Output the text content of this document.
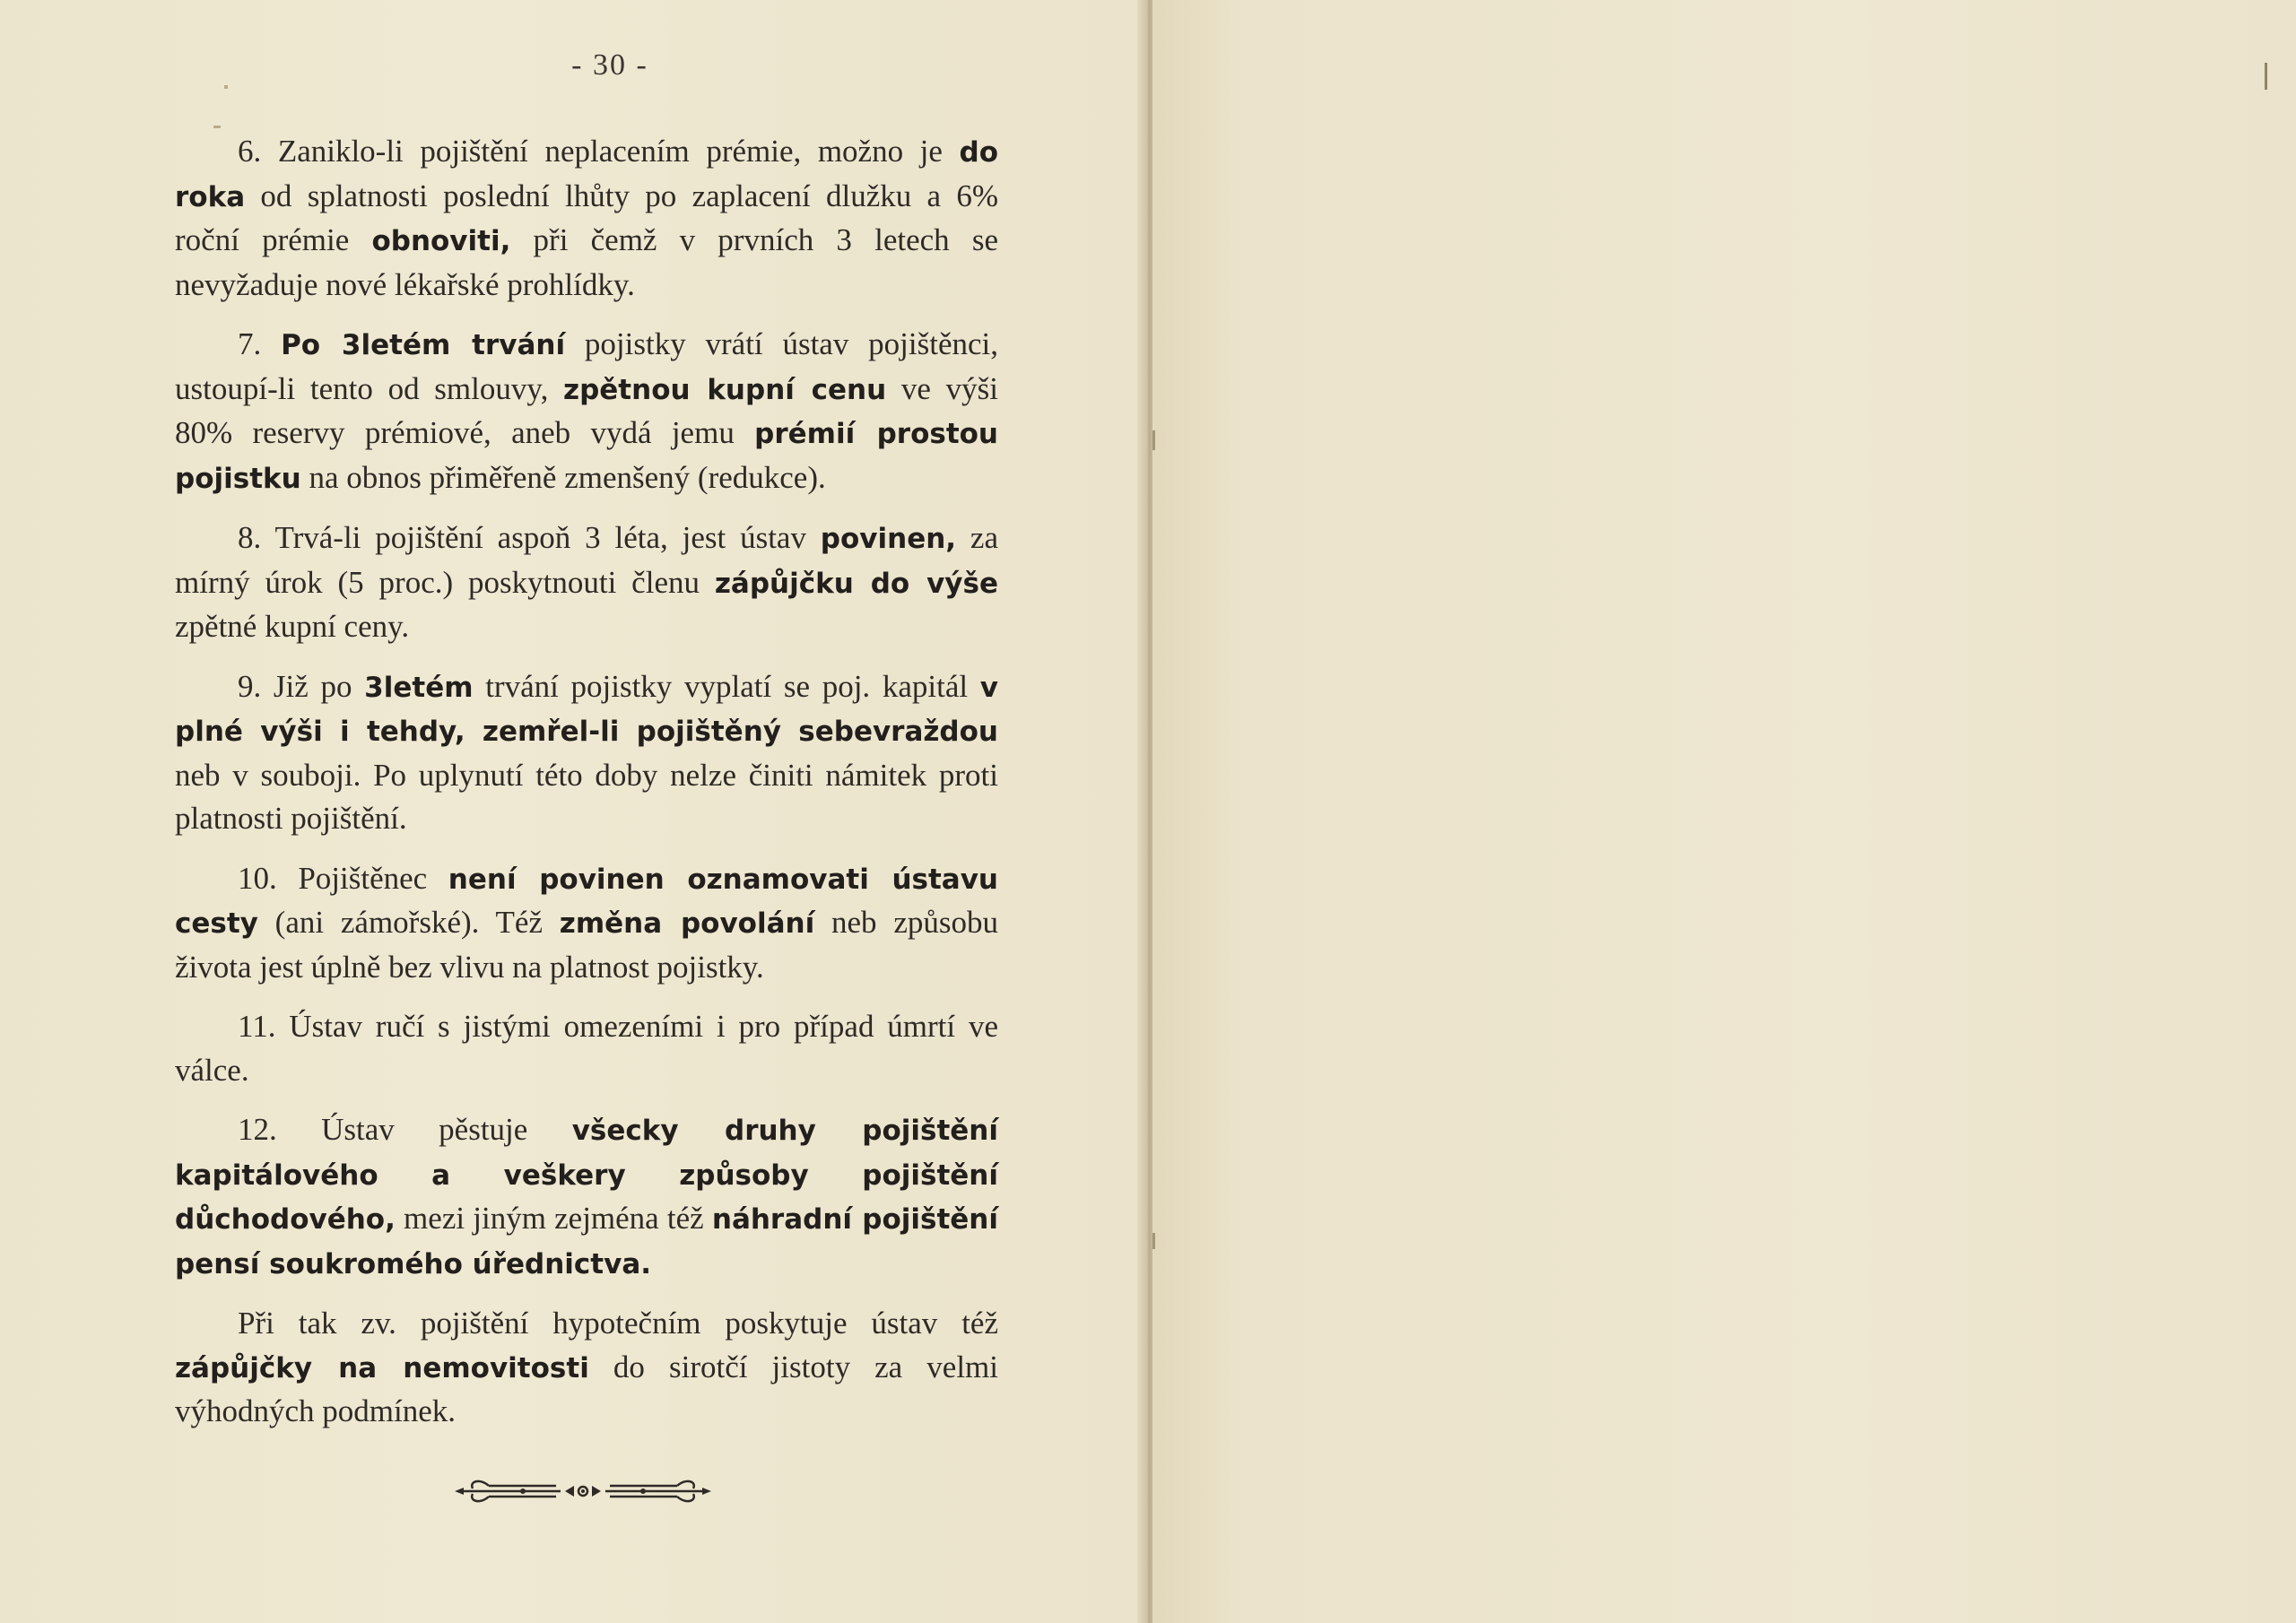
- 30 -

6. Zaniklo-li pojištění neplacením prémie, možno je do roka od splatnosti poslední lhůty po zaplacení dlužku a 6% roční prémie obnoviti, při čemž v prvních 3 letech se nevyžaduje nové lékařské prohlídky.

7. Po 3letém trvání pojistky vrátí ústav pojištěnci, ustoupí-li tento od smlouvy, zpětnou kupní cenu ve výši 80% reservy prémiové, aneb vydá jemu prémií prostou pojistku na obnos přiměřeně zmenšený (redukce).

8. Trvá-li pojištění aspoň 3 léta, jest ústav povinen, za mírný úrok (5 proc.) poskytnouti členu zápůjčku do výše zpětné kupní ceny.

9. Již po 3letém trvání pojistky vyplatí se poj. kapitál v plné výši i tehdy, zemřel-li pojištěný sebevraždou neb v souboji. Po uplynutí této doby nelze činiti námitek proti platnosti pojištění.

10. Pojištěnec není povinen oznamovati ústavu cesty (ani zámořské). Též změna povolání neb způsobu života jest úplně bez vlivu na platnost pojistky.

11. Ústav ručí s jistými omezeními i pro případ úmrtí ve válce.

12. Ústav pěstuje všecky druhy pojištění kapitálového a veškery způsoby pojištění důchodového, mezi jiným zejména též náhradní pojištění pensí soukromého úřednictva.

Při tak zv. pojištění hypotečním poskytuje ústav též zápůjčky na nemovitosti do sirotčí jistoty za velmi výhodných podmínek.
